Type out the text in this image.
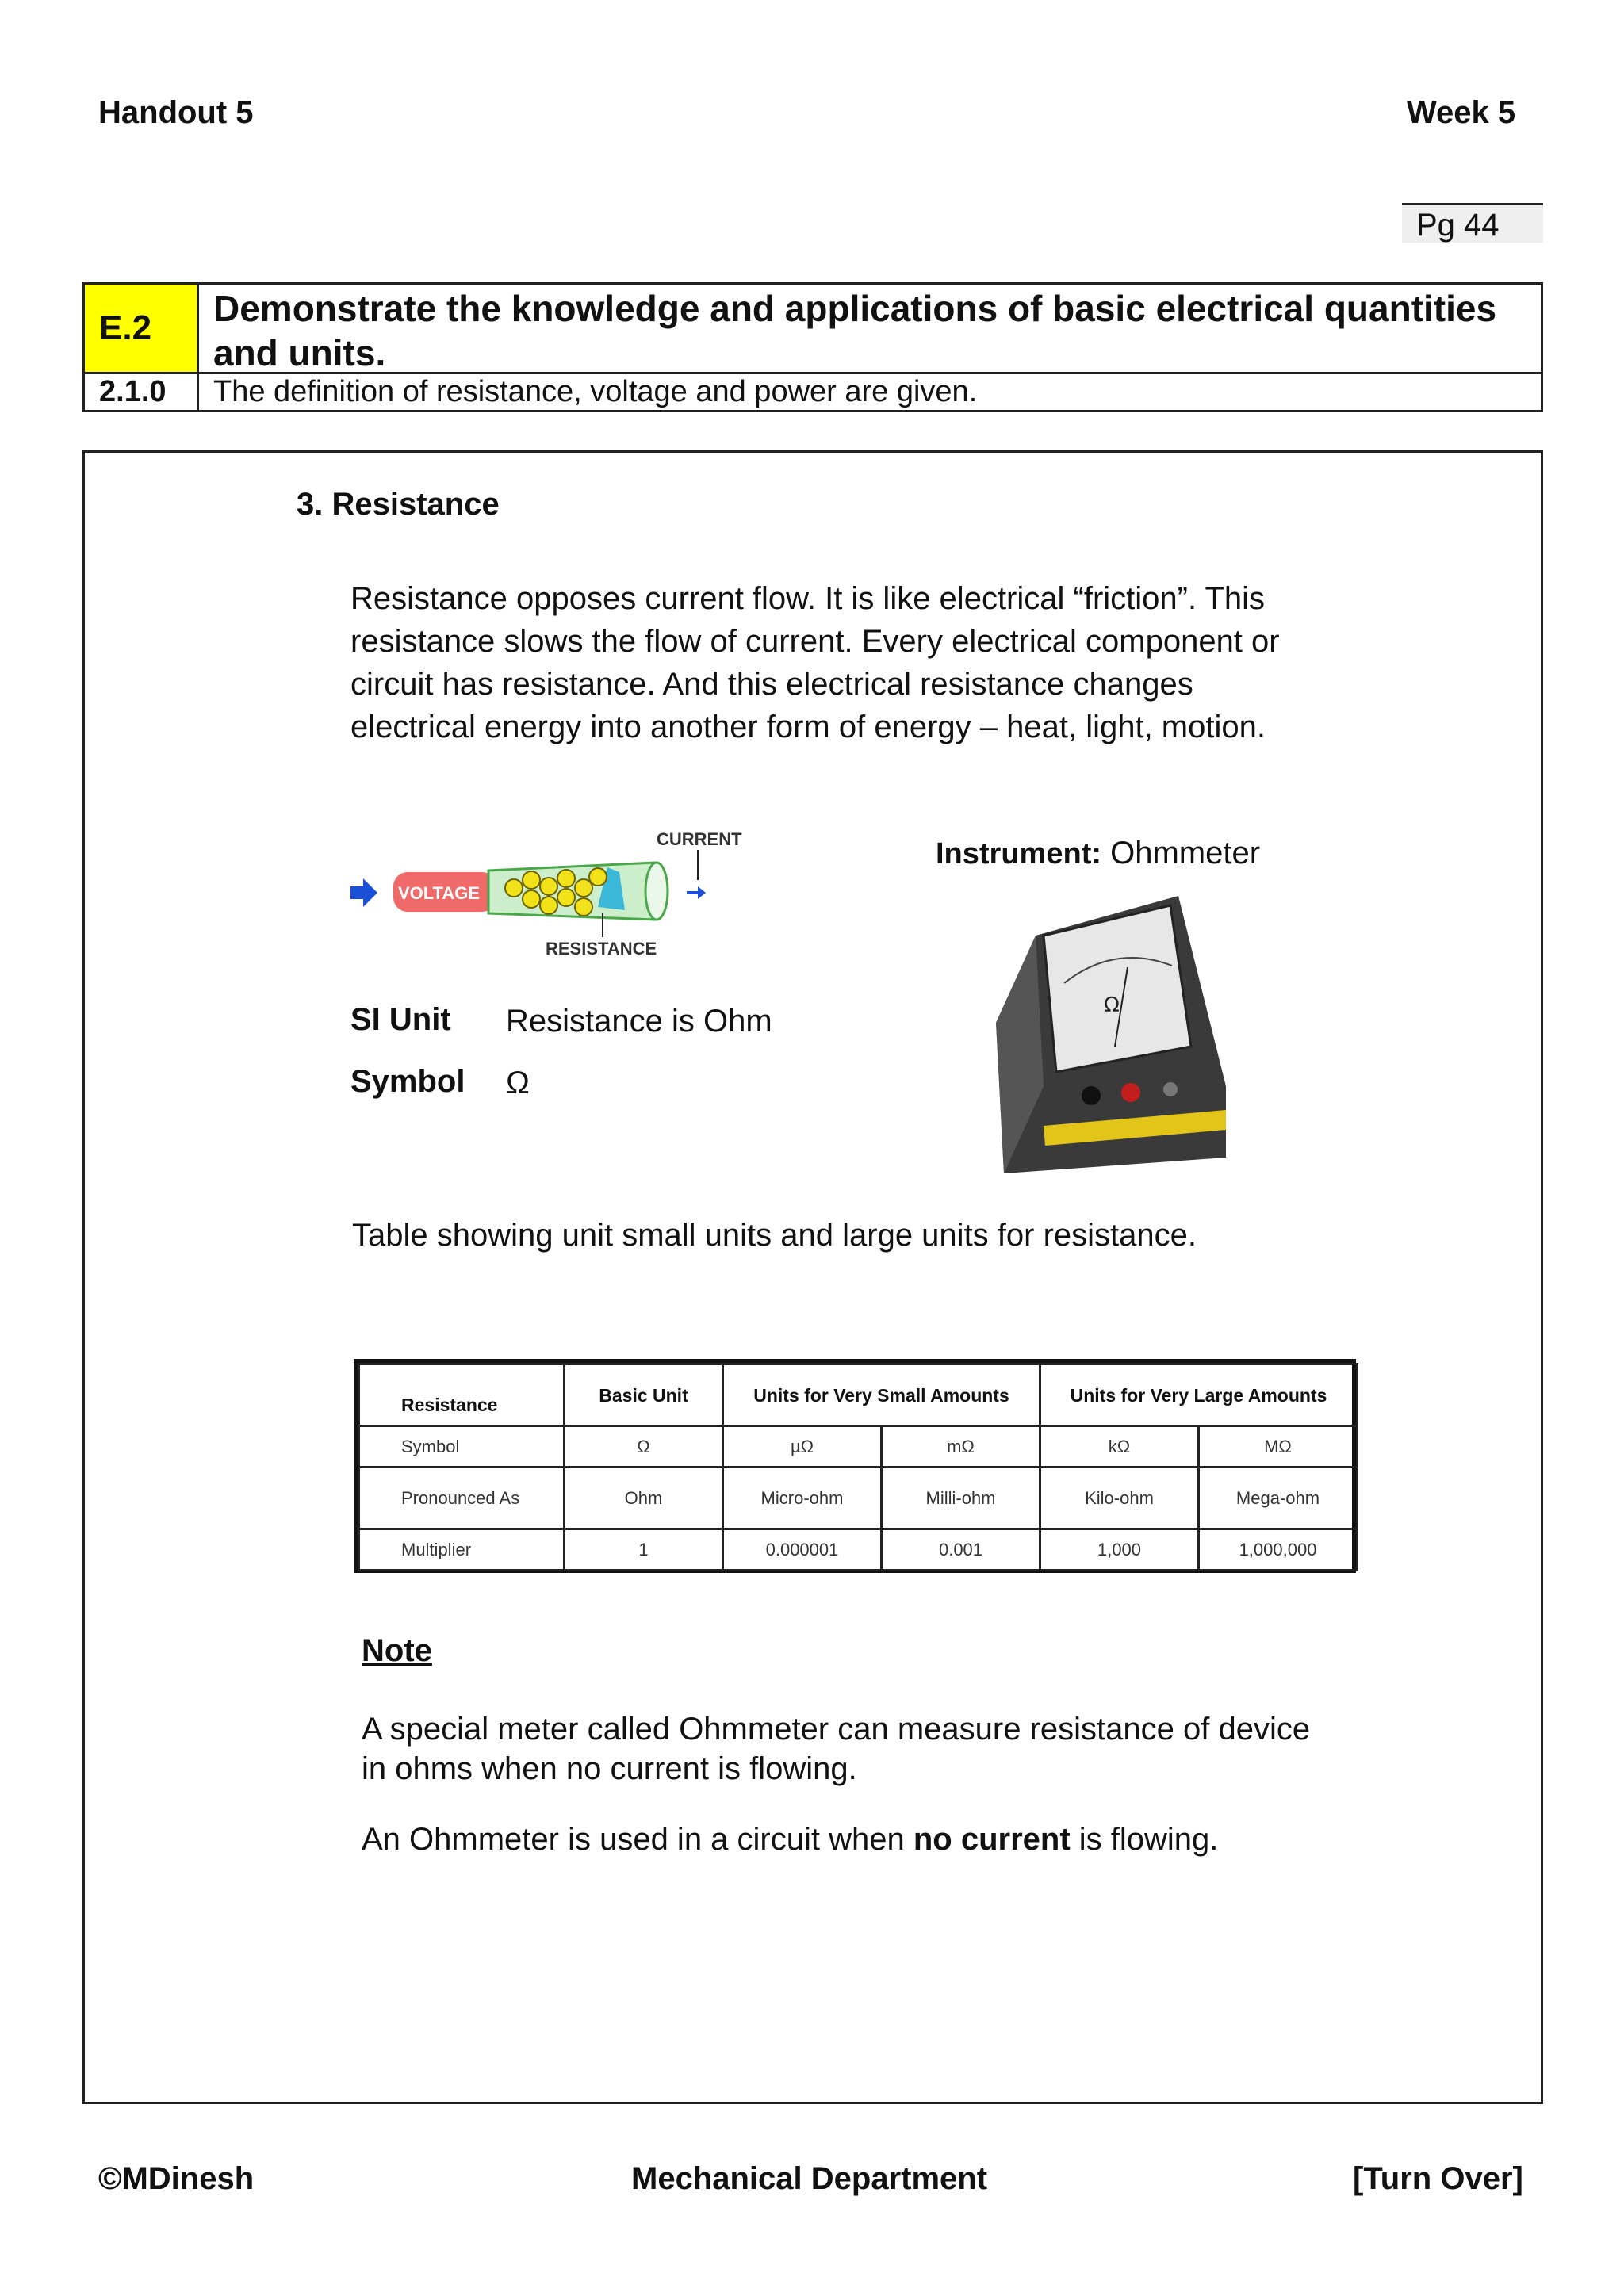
Handout 5	Week 5
Pg 44
E.2	Demonstrate the knowledge and applications of basic electrical quantities and units.
2.1.0	The definition of resistance, voltage and power are given.
3. Resistance
Resistance opposes current flow. It is like electrical “friction”. This
resistance slows the flow of current. Every electrical component or
circuit has resistance. And this electrical resistance changes
electrical energy into another form of energy – heat, light, motion.
CURRENT
VOLTAGE
RESISTANCE
Instrument: Ohmmeter
Ω
SI Unit Resistance is Ohm
Symbol Ω
Table showing unit small units and large units for resistance.
Resistance	Basic Unit	Units for Very Small Amounts		Units for Very Large Amounts	
Symbol	Ω	µΩ	mΩ	kΩ	MΩ
Pronounced As	Ohm	Micro-ohm	Milli-ohm	Kilo-ohm	Mega-ohm
Multiplier	1	0.000001	0.001	1,000	1,000,000
Note
A special meter called Ohmmeter can measure resistance of device
in ohms when no current is flowing.
An Ohmmeter is used in a circuit when no current is flowing.
©MDinesh	Mechanical Department	[Turn Over]
